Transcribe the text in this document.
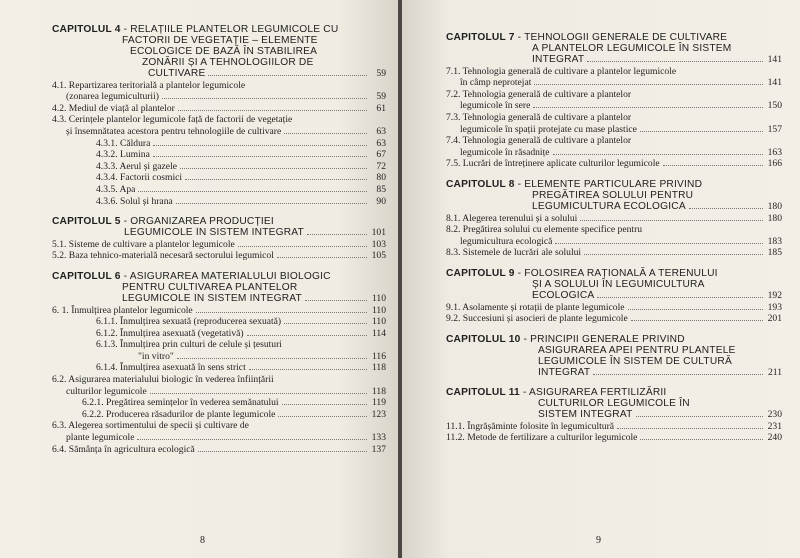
CAPITOLUL 4 - RELAȚIILE PLANTELOR LEGUMICOLE CU
FACTORII DE VEGETAȚIE – ELEMENTE
ECOLOGICE DE BAZĂ ÎN STABILIREA
ZONĂRII ȘI A TEHNOLOGIILOR DE
CULTIVARE	59
4.1. Repartizarea teritorială a plantelor legumicole
(zonarea legumiculturii)	59
4.2. Mediul de viață al plantelor	61
4.3. Cerințele plantelor legumicole față de factorii de vegetație
și însemnătatea acestora pentru tehnologiile de cultivare	63
4.3.1. Căldura	63
4.3.2. Lumina	67
4.3.3. Aerul și gazele	72
4.3.4. Factorii cosmici	80
4.3.5. Apa	85
4.3.6. Solul și hrana	90
CAPITOLUL 5 - ORGANIZAREA PRODUCȚIEI
LEGUMICOLE ÎN SISTEM INTEGRAT	101
5.1. Sisteme de cultivare a plantelor legumicole	103
5.2. Baza tehnico-materială necesară sectorului legumicol	105
CAPITOLUL 6 - ASIGURAREA MATERIALULUI BIOLOGIC
PENTRU CULTIVAREA PLANTELOR
LEGUMICOLE ÎN SISTEM INTEGRAT	110
6. 1. Înmulțirea plantelor legumicole	110
6.1.1. Înmulțirea sexuată (reproducerea sexuată)	110
6.1.2. Înmulțirea asexuată (vegetativă)	114
6.1.3. Înmulțirea prin culturi de celule și țesuturi
"in vitro"	116
6.1.4. Înmulțirea asexuată în sens strict	118
6.2. Asigurarea materialului biologic în vederea înființării
culturilor legumicole	118
6.2.1. Pregătirea semințelor în vederea semănatului	119
6.2.2. Producerea răsadurilor de plante legumicole	123
6.3. Alegerea sortimentului de specii și cultivare de
plante legumicole	133
6.4. Sămânța în agricultura ecologică	137
8
CAPITOLUL 7 - TEHNOLOGII GENERALE DE CULTIVARE
A PLANTELOR LEGUMICOLE ÎN SISTEM
INTEGRAT	141
7.1. Tehnologia generală de cultivare a plantelor legumicole
în câmp neprotejat	141
7.2. Tehnologia generală de cultivare a plantelor
legumicole în sere	150
7.3. Tehnologia generală de cultivare a plantelor
legumicole în spații protejate cu mase plastice	157
7.4. Tehnologia generală de cultivare a plantelor
legumicole în răsadnițe	163
7.5. Lucrări de întreținere aplicate culturilor legumicole	166
CAPITOLUL 8 - ELEMENTE PARTICULARE PRIVIND
PREGĂTIREA SOLULUI PENTRU
LEGUMICULTURA ECOLOGICĂ	180
8.1. Alegerea terenului și a solului	180
8.2. Pregătirea solului cu elemente specifice pentru
legumicultura ecologică	183
8.3. Sistemele de lucrări ale solului	185
CAPITOLUL 9 - FOLOSIREA RAȚIONALĂ A TERENULUI
ȘI A SOLULUI ÎN LEGUMICULTURA
ECOLOGICĂ	192
9.1. Asolamente și rotații de plante legumicole	193
9.2. Succesiuni și asocieri de plante legumicole	201
CAPITOLUL 10 - PRINCIPII GENERALE PRIVIND
ASIGURAREA APEI PENTRU PLANTELE
LEGUMICOLE ÎN SISTEM DE CULTURĂ
INTEGRAT	211
CAPITOLUL 11 - ASIGURAREA FERTILIZĂRII
CULTURILOR LEGUMICOLE ÎN
SISTEM INTEGRAT	230
11.1. Îngrășăminte folosite în legumicultură	231
11.2. Metode de fertilizare a culturilor legumicole	240
9
